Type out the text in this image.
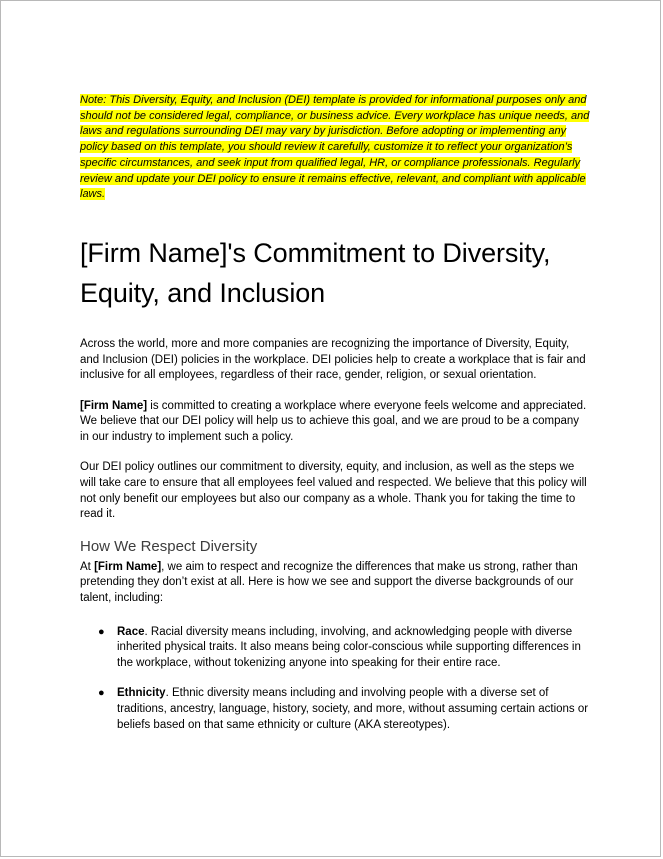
Note: This Diversity, Equity, and Inclusion (DEI) template is provided for informational purposes only and should not be considered legal, compliance, or business advice. Every workplace has unique needs, and laws and regulations surrounding DEI may vary by jurisdiction. Before adopting or implementing any policy based on this template, you should review it carefully, customize it to reflect your organization’s specific circumstances, and seek input from qualified legal, HR, or compliance professionals. Regularly review and update your DEI policy to ensure it remains effective, relevant, and compliant with applicable laws.

[Firm Name]'s Commitment to Diversity, Equity, and Inclusion

Across the world, more and more companies are recognizing the importance of Diversity, Equity, and Inclusion (DEI) policies in the workplace. DEI policies help to create a workplace that is fair and inclusive for all employees, regardless of their race, gender, religion, or sexual orientation.

[Firm Name] is committed to creating a workplace where everyone feels welcome and appreciated. We believe that our DEI policy will help us to achieve this goal, and we are proud to be a company in our industry to implement such a policy.

Our DEI policy outlines our commitment to diversity, equity, and inclusion, as well as the steps we will take care to ensure that all employees feel valued and respected. We believe that this policy will not only benefit our employees but also our company as a whole. Thank you for taking the time to read it.

How We Respect Diversity

At [Firm Name], we aim to respect and recognize the differences that make us strong, rather than pretending they don’t exist at all. Here is how we see and support the diverse backgrounds of our talent, including:

● Race. Racial diversity means including, involving, and acknowledging people with diverse inherited physical traits. It also means being color-conscious while supporting differences in the workplace, without tokenizing anyone into speaking for their entire race.
● Ethnicity. Ethnic diversity means including and involving people with a diverse set of traditions, ancestry, language, history, society, and more, without assuming certain actions or beliefs based on that same ethnicity or culture (AKA stereotypes).
